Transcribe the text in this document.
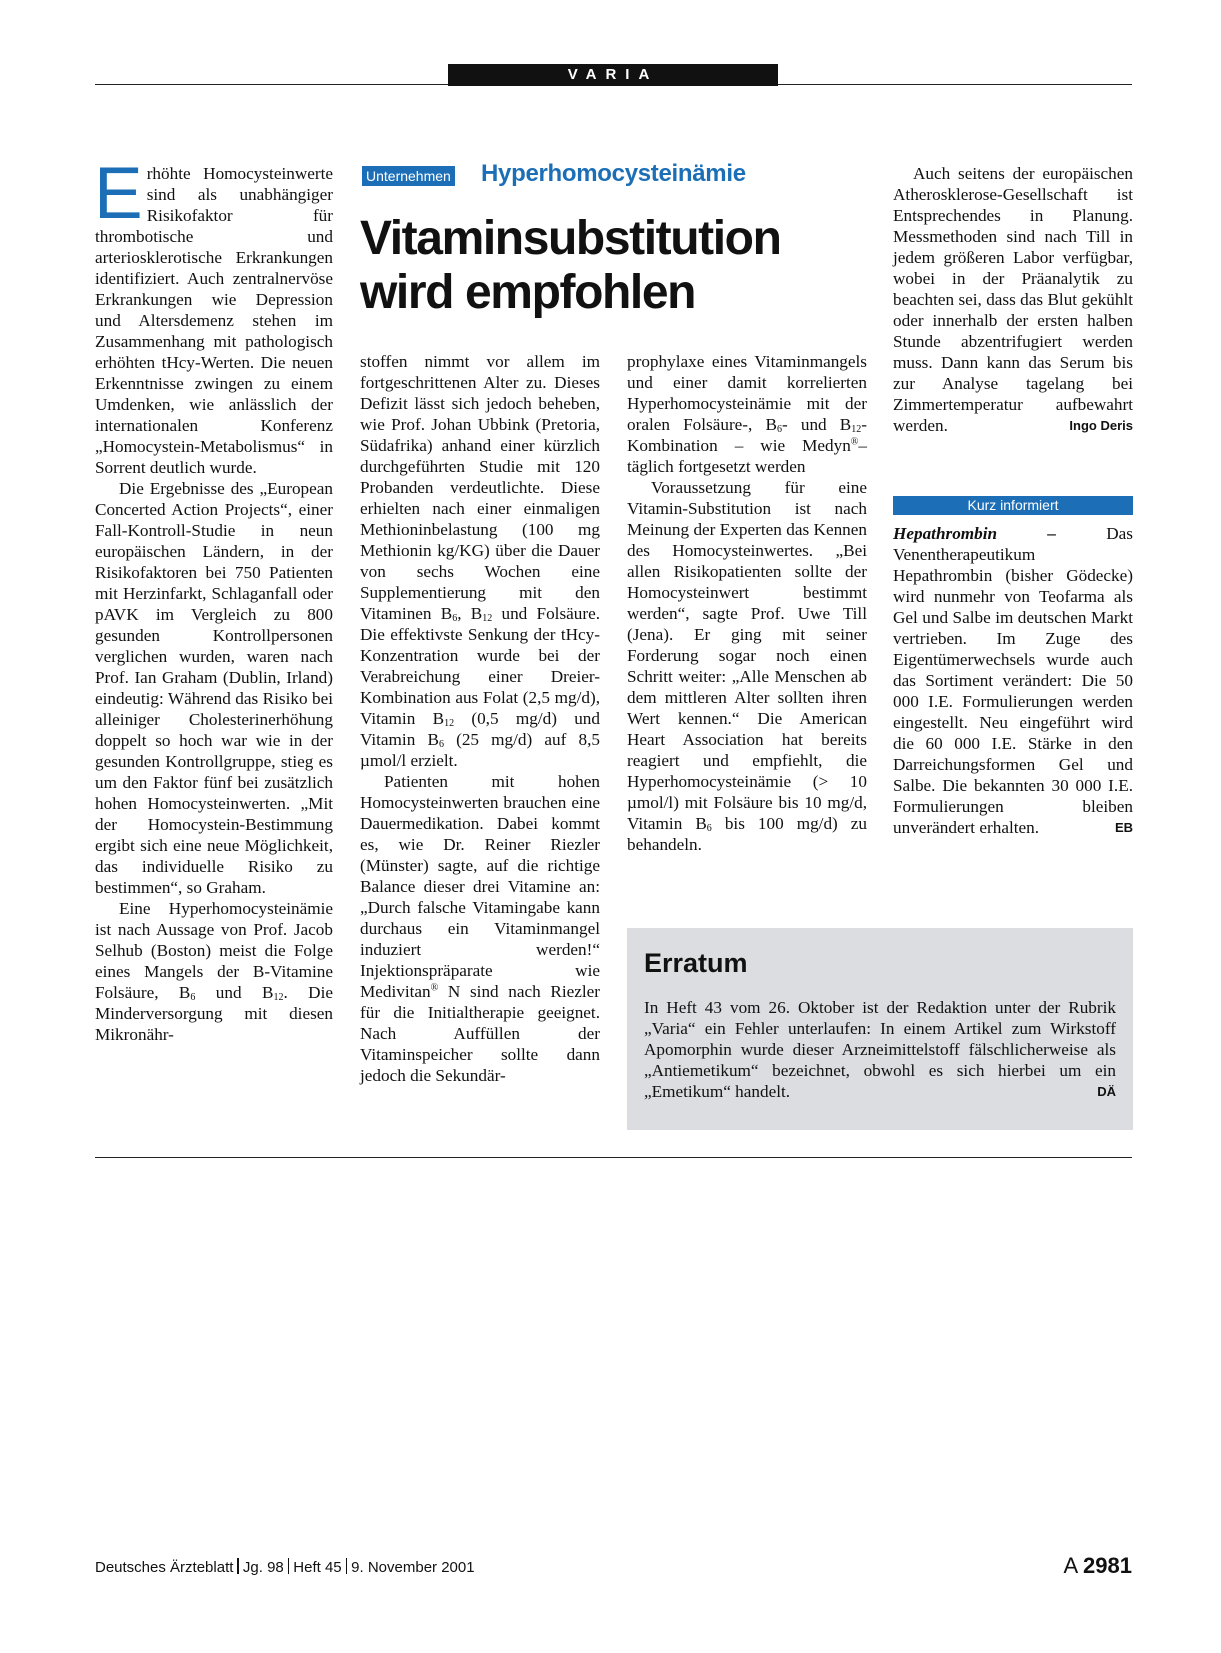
VARIA

Erhöhte Homocysteinwerte sind als unabhängiger Risikofaktor für thrombotische und arteriosklerotische Erkrankungen identifiziert. Auch zentralnervöse Erkrankungen wie Depression und Altersdemenz stehen im Zusammenhang mit pathologisch erhöhten tHcy-Werten. Die neuen Erkenntnisse zwingen zu einem Umdenken, wie anlässlich der internationalen Konferenz „Homocystein-Metabolismus“ in Sorrent deutlich wurde.

Die Ergebnisse des „European Concerted Action Projects“, einer Fall-Kontroll-Studie in neun europäischen Ländern, in der Risikofaktoren bei 750 Patienten mit Herzinfarkt, Schlaganfall oder pAVK im Vergleich zu 800 gesunden Kontrollpersonen verglichen wurden, waren nach Prof. Ian Graham (Dublin, Irland) eindeutig: Während das Risiko bei alleiniger Cholesterinerhöhung doppelt so hoch war wie in der gesunden Kontrollgruppe, stieg es um den Faktor fünf bei zusätzlich hohen Homocysteinwerten. „Mit der Homocystein-Bestimmung ergibt sich eine neue Möglichkeit, das individuelle Risiko zu bestimmen“, so Graham.

Eine Hyperhomocysteinämie ist nach Aussage von Prof. Jacob Selhub (Boston) meist die Folge eines Mangels der B-Vitamine Folsäure, $B_6$ und $B_{12}$. Die Minderversorgung mit diesen Mikronähr-

Unternehmen Hyperhomocysteinämie
Vitaminsubstitution
wird empfohlen

stoffen nimmt vor allem im fortgeschrittenen Alter zu. Dieses Defizit lässt sich jedoch beheben, wie Prof. Johan Ubbink (Pretoria, Südafrika) anhand einer kürzlich durchgeführten Studie mit 120 Probanden verdeutlichte. Diese erhielten nach einer einmaligen Methioninbelastung (100 mg Methionin kg/KG) über die Dauer von sechs Wochen eine Supplementierung mit den Vitaminen $B_6$, $B_{12}$ und Folsäure. Die effektivste Senkung der tHcy-Konzentration wurde bei der Verabreichung einer Dreier-Kombination aus Folat (2,5 mg/d), Vitamin $B_{12}$ (0,5 mg/d) und Vitamin $B_6$ (25 mg/d) auf 8,5 µmol/l erzielt.

Patienten mit hohen Homocysteinwerten brauchen eine Dauermedikation. Dabei kommt es, wie Dr. Reiner Riezler (Münster) sagte, auf die richtige Balance dieser drei Vitamine an: „Durch falsche Vitamingabe kann durchaus ein Vitaminmangel induziert werden!“ Injektionspräparate wie Medivitan® N sind nach Riezler für die Initialtherapie geeignet. Nach Auffüllen der Vitaminspeicher sollte dann jedoch die Sekundär-

prophylaxe eines Vitaminmangels und einer damit korrelierten Hyperhomocysteinämie mit der oralen Folsäure-, $B_6-$ und $B_{12}$-Kombination – wie Medyn®– täglich fortgesetzt werden

Voraussetzung für eine Vitamin-Substitution ist nach Meinung der Experten das Kennen des Homocysteinwertes. „Bei allen Risikopatienten sollte der Homocysteinwert bestimmt werden“, sagte Prof. Uwe Till (Jena). Er ging mit seiner Forderung sogar noch einen Schritt weiter: „Alle Menschen ab dem mittleren Alter sollten ihren Wert kennen.“ Die American Heart Association hat bereits reagiert und empfiehlt, die Hyperhomocysteinämie (> 10 µmol/l) mit Folsäure bis 10 mg/d, Vitamin $B_6$ bis 100 mg/d) zu behandeln.

Auch seitens der europäischen Atherosklerose-Gesellschaft ist Entsprechendes in Planung. Messmethoden sind nach Till in jedem größeren Labor verfügbar, wobei in der Präanalytik zu beachten sei, dass das Blut gekühlt oder innerhalb der ersten halben Stunde abzentrifugiert werden muss. Dann kann das Serum bis zur Analyse tagelang bei Zimmertemperatur aufbewahrt werden.	Ingo Deris

Kurz informiert

Hepathrombin – Das Venentherapeutikum Hepathrombin (bisher Gödecke) wird nunmehr von Teofarma als Gel und Salbe im deutschen Markt vertrieben. Im Zuge des Eigentümerwechsels wurde auch das Sortiment verändert: Die 50 000 I.E. Formulierungen werden eingestellt. Neu eingeführt wird die 60 000 I.E. Stärke in den Darreichungsformen Gel und Salbe. Die bekannten 30 000 I.E. Formulierungen bleiben unverändert erhalten.	EB

Erratum

In Heft 43 vom 26. Oktober ist der Redaktion unter der Rubrik „Varia“ ein Fehler unterlaufen: In einem Artikel zum Wirkstoff Apomorphin wurde dieser Arzneimittelstoff fälschlicherweise als „Antiemetikum“ bezeichnet, obwohl es sich hierbei um ein „Emetikum“ handelt.	DÄ

Deutsches Ärzteblatt Jg. 98 Heft 45 9. November 2001	A 2981
